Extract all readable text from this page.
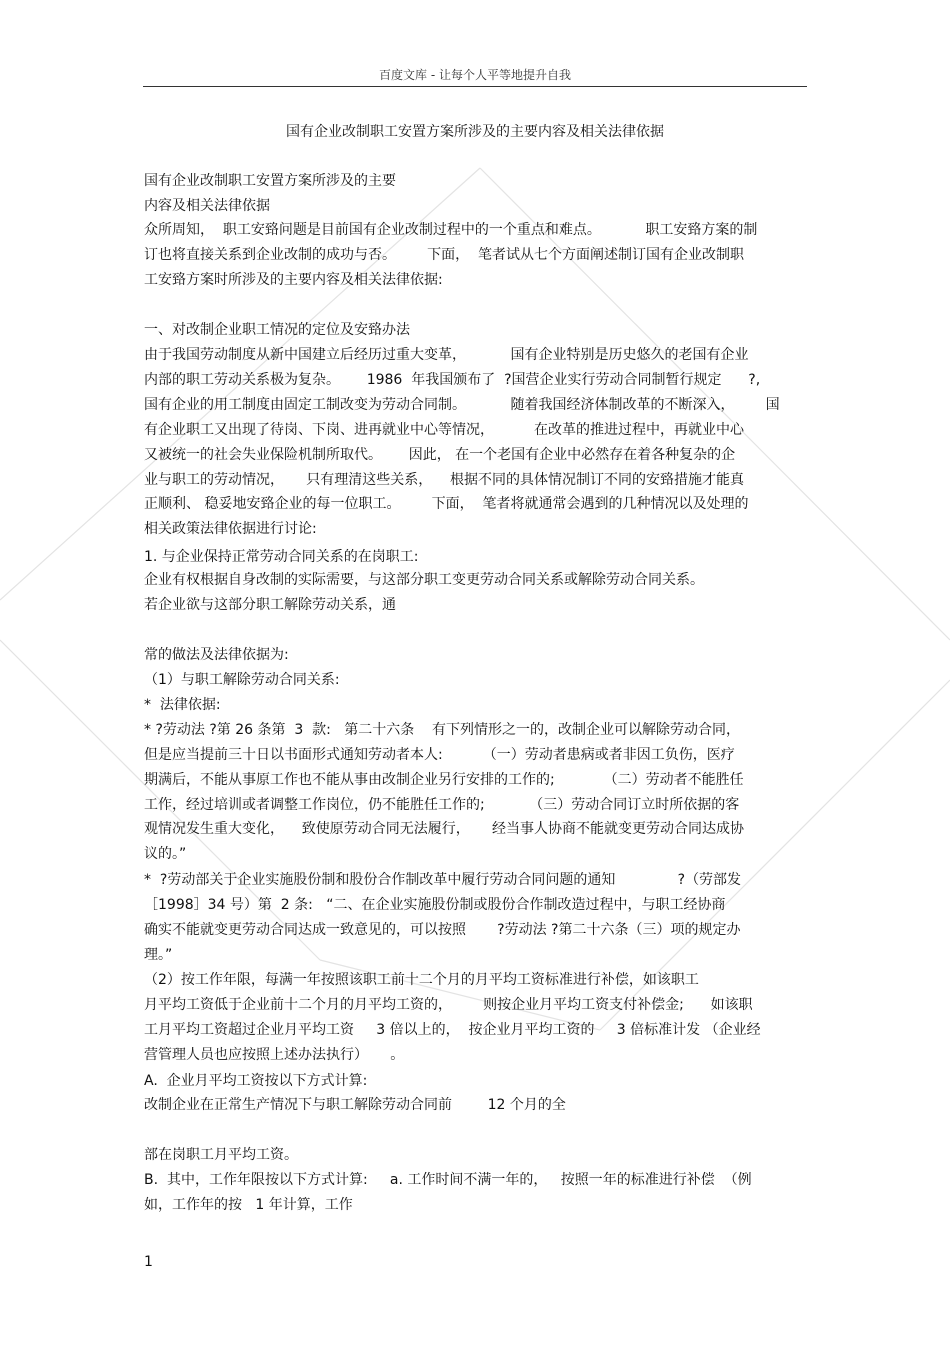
百度文库 - 让每个人平等地提升自我
国有企业改制职工安置方案所涉及的主要内容及相关法律依据
国有企业改制职工安置方案所涉及的主要
内容及相关法律依据
众所周知，  职工安臵问题是目前国有企业改制过程中的一个重点和难点。          职工安臵方案的制
订也将直接关系到企业改制的成功与否。       下面，  笔者试从七个方面阐述制订国有企业改制职
工安臵方案时所涉及的主要内容及相关法律依据:
一、对改制企业职工情况的定位及安臵办法
由于我国劳动制度从新中国建立后经历过重大变革，          国有企业特别是历史悠久的老国有企业
内部的职工劳动关系极为复杂。      1986  年我国颁布了  ?国营企业实行劳动合同制暂行规定      ?,
国有企业的用工制度由固定工制改变为劳动合同制。          随着我国经济体制改革的不断深入，       国
有企业职工又出现了待岗、下岗、进再就业中心等情况，         在改革的推进过程中，再就业中心
又被统一的社会失业保险机制所取代。      因此， 在一个老国有企业中必然存在着各种复杂的企
业与职工的劳动情况，     只有理清这些关系，    根据不同的具体情况制订不同的安臵措施才能真
正顺利、 稳妥地安臵企业的每一位职工。       下面，  笔者将就通常会遇到的几种情况以及处理的
相关政策法律依据进行讨论:
1. 与企业保持正常劳动合同关系的在岗职工:
企业有权根据自身改制的实际需要，与这部分职工变更劳动合同关系或解除劳动合同关系。
若企业欲与这部分职工解除劳动关系，通
常的做法及法律依据为:
（1）与职工解除劳动合同关系:
*  法律依据:
* ?劳动法 ?第 26 条第  3  款:   第二十六条    有下列情形之一的，改制企业可以解除劳动合同，
但是应当提前三十日以书面形式通知劳动者本人:         （一）劳动者患病或者非因工负伤，医疗
期满后，不能从事原工作也不能从事由改制企业另行安排的工作的;           （二）劳动者不能胜任
工作，经过培训或者调整工作岗位，仍不能胜任工作的;          （三）劳动合同订立时所依据的客
观情况发生重大变化，    致使原劳动合同无法履行，     经当事人协商不能就变更劳动合同达成协
议的。”
*  ?劳动部关于企业实施股份制和股份合作制改革中履行劳动合同问题的通知              ?（劳部发
［1998］34 号）第  2 条:   “二、在企业实施股份制或股份合作制改造过程中，与职工经协商
确实不能就变更劳动合同达成一致意见的，可以按照       ?劳动法 ?第二十六条（三）项的规定办
理。”
（2）按工作年限，每满一年按照该职工前十二个月的月平均工资标准进行补偿，如该职工
月平均工资低于企业前十二个月的月平均工资的，       则按企业月平均工资支付补偿金;      如该职
工月平均工资超过企业月平均工资     3 倍以上的，  按企业月平均工资的     3 倍标准计发 （企业经
营管理人员也应按照上述办法执行）     。
A.  企业月平均工资按以下方式计算:
改制企业在正常生产情况下与职工解除劳动合同前        12 个月的全
部在岗职工月平均工资。
B.  其中，工作年限按以下方式计算:     a. 工作时间不满一年的，   按照一年的标准进行补偿  （例
如，工作年的按   1 年计算，工作
1
